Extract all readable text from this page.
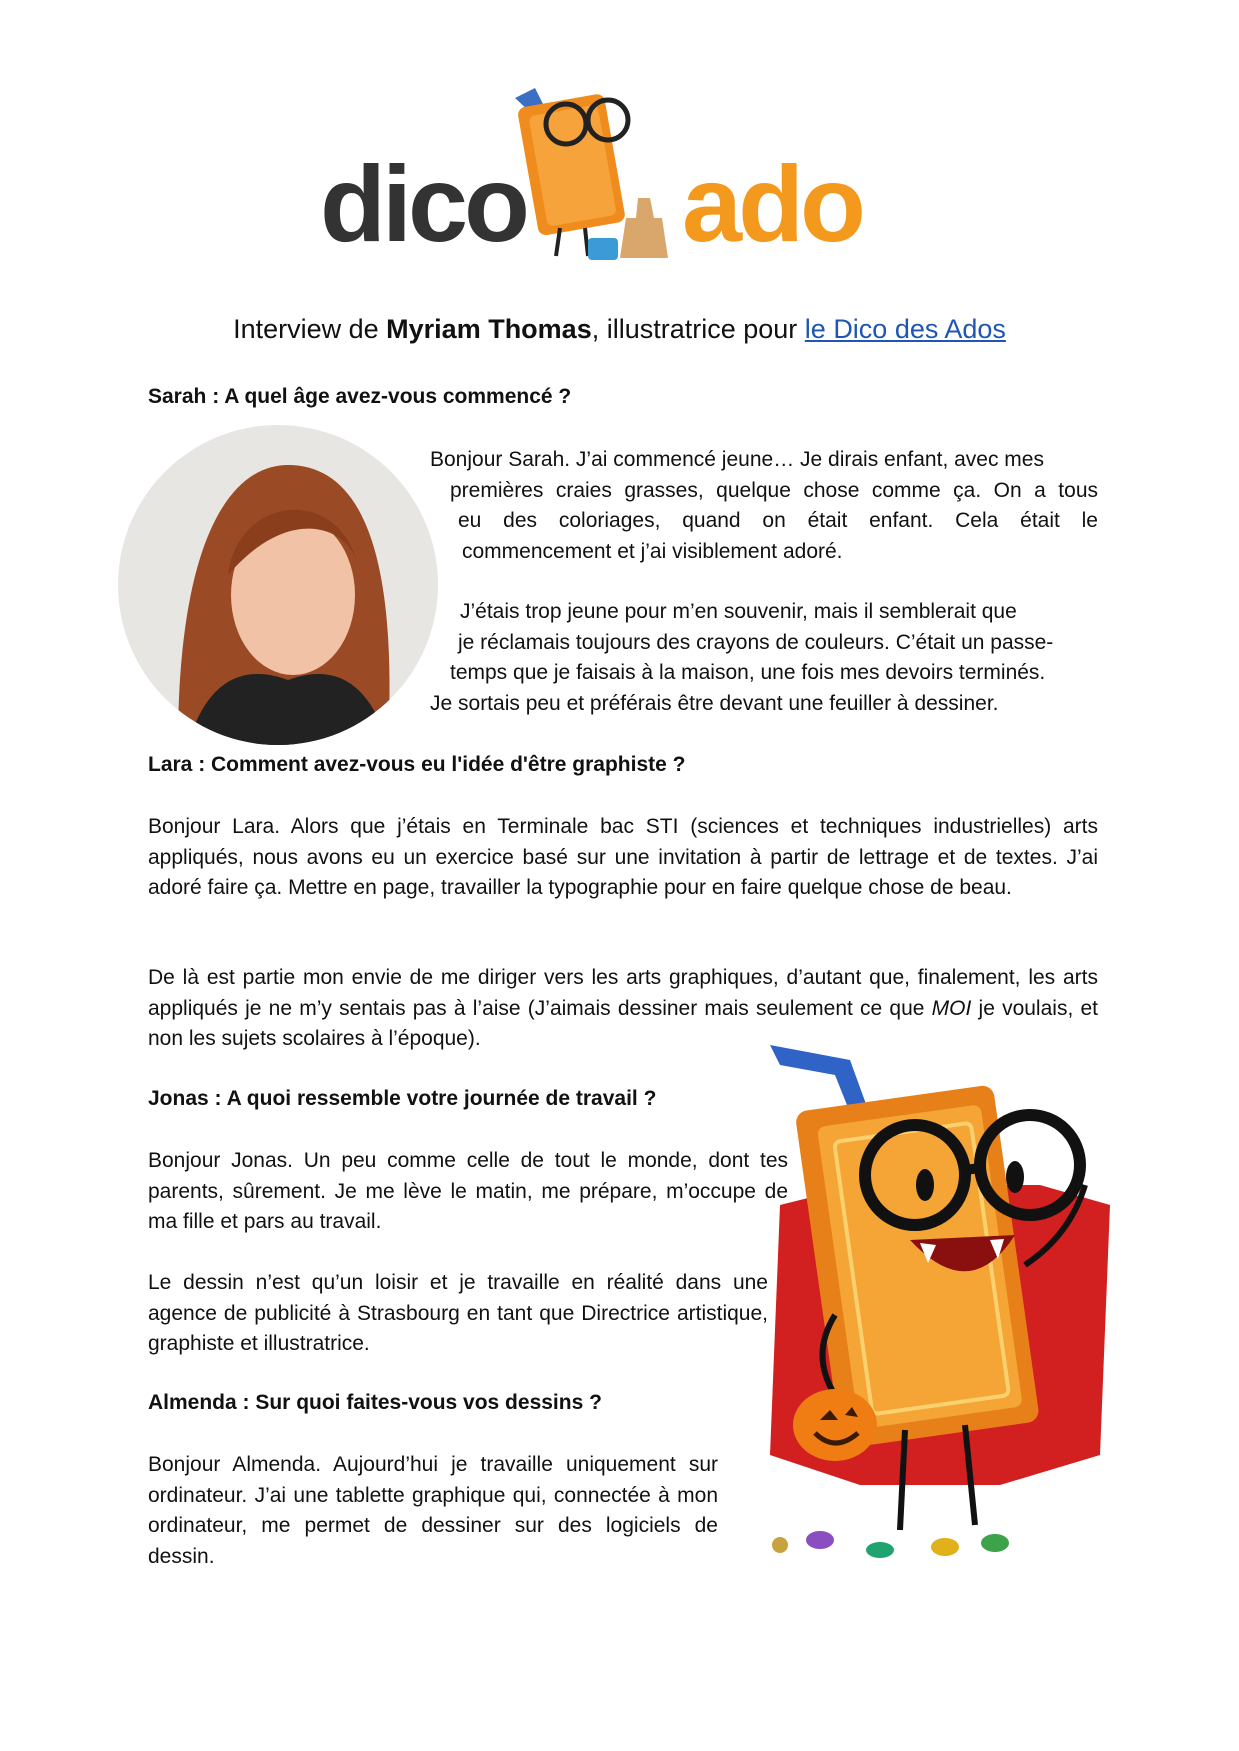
dico ado
Interview de Myriam Thomas, illustratrice pour le Dico des Ados
Sarah : A quel âge avez-vous commencé ?
Bonjour Sarah. J’ai commencé jeune… Je dirais enfant, avec mes
premières craies grasses, quelque chose comme ça. On a tous
eu des coloriages, quand on était enfant. Cela était le
commencement et j’ai visiblement adoré.
J’étais trop jeune pour m’en souvenir, mais il semblerait que
je réclamais toujours des crayons de couleurs. C’était un passe-
temps que je faisais à la maison, une fois mes devoirs terminés.
Je sortais peu et préférais être devant une feuiller à dessiner.
Lara : Comment avez-vous eu l'idée d'être graphiste ?
Bonjour Lara. Alors que j’étais en Terminale bac STI (sciences et techniques industrielles) arts appliqués, nous avons eu un exercice basé sur une invitation à partir de lettrage et de textes. J’ai adoré faire ça. Mettre en page, travailler la typographie pour en faire quelque chose de beau.
De là est partie mon envie de me diriger vers les arts graphiques, d’autant que, finalement, les arts appliqués je ne m’y sentais pas à l’aise (J’aimais dessiner mais seulement ce que MOI je voulais, et non les sujets scolaires à l’époque).
Jonas : A quoi ressemble votre journée de travail ?
Bonjour Jonas. Un peu comme celle de tout le monde, dont tes parents, sûrement. Je me lève le matin, me prépare, m’occupe de ma fille et pars au travail.
Le dessin n’est qu’un loisir et je travaille en réalité dans une agence de publicité à Strasbourg en tant que Directrice artistique, graphiste et illustratrice.
Almenda : Sur quoi faites-vous vos dessins ?
Bonjour Almenda. Aujourd’hui je travaille uniquement sur ordinateur. J’ai une tablette graphique qui, connectée à mon ordinateur, me permet de dessiner sur des logiciels de dessin.
